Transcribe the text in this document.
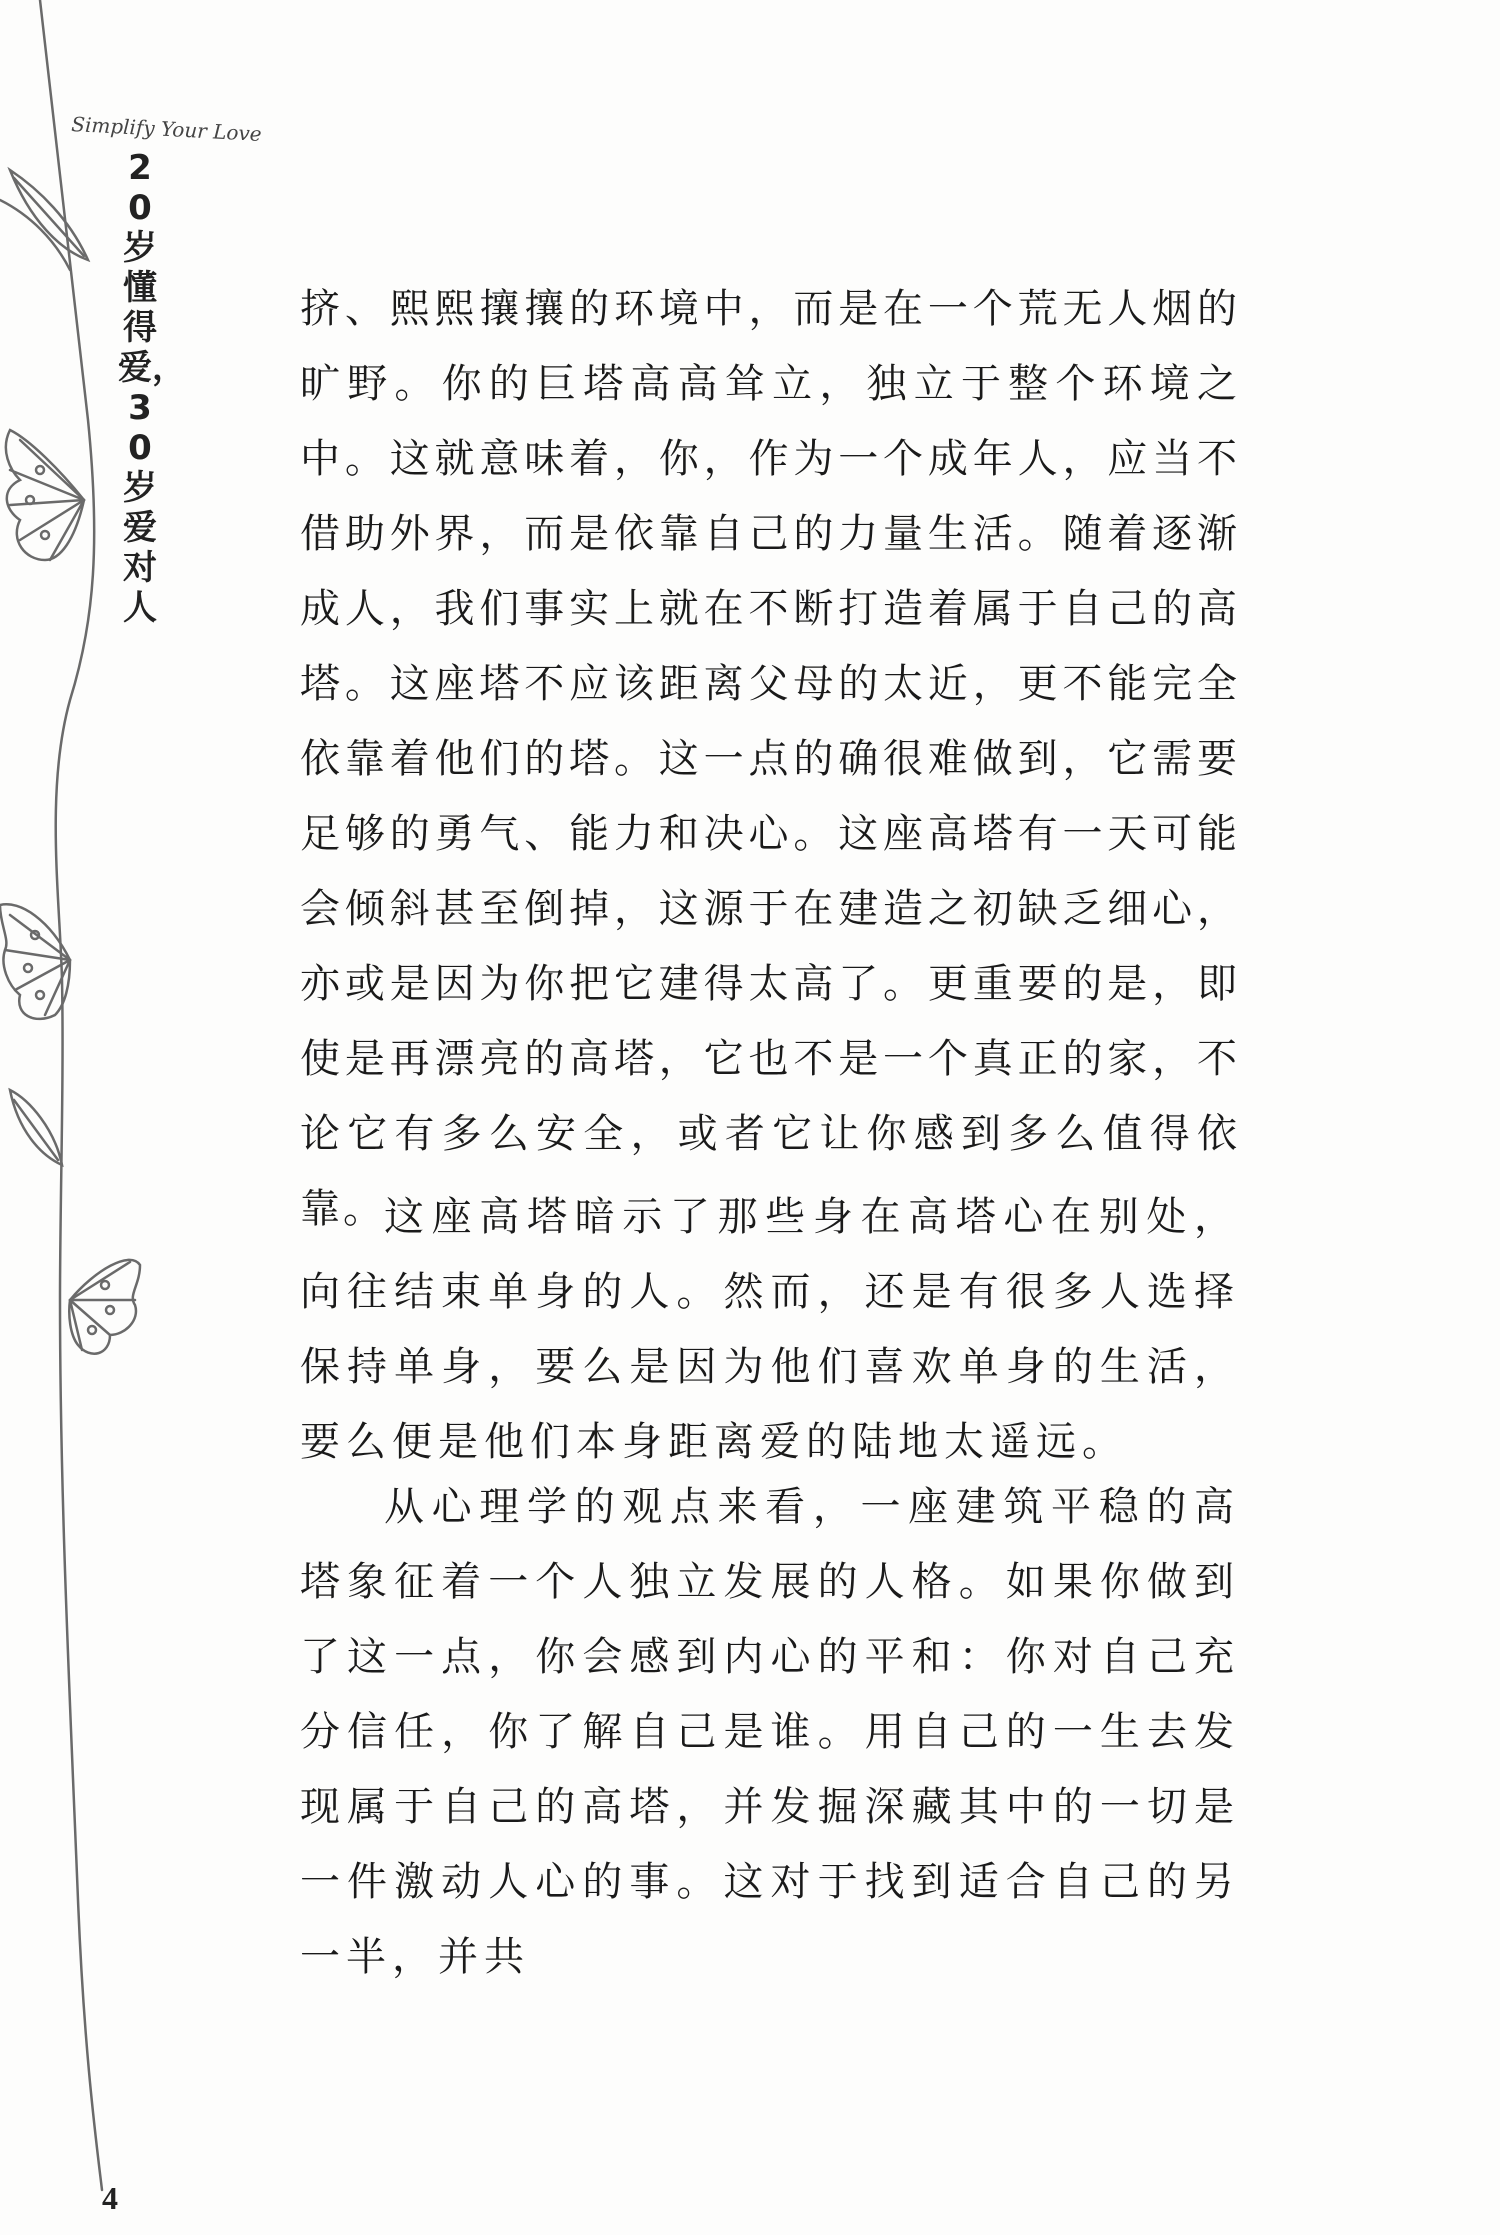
Simplify Your Love
20岁懂得爱，30岁爱对人

挤、熙熙攘攘的环境中，而是在一个荒无人烟的旷野。你的巨塔高高耸立，独立于整个环境之中。这就意味着，你，作为一个成年人，应当不借助外界，而是依靠自己的力量生活。随着逐渐成人，我们事实上就在不断打造着属于自己的高塔。这座塔不应该距离父母的太近，更不能完全依靠着他们的塔。这一点的确很难做到，它需要足够的勇气、能力和决心。这座高塔有一天可能会倾斜甚至倒掉，这源于在建造之初缺乏细心，亦或是因为你把它建得太高了。更重要的是，即使是再漂亮的高塔，它也不是一个真正的家，不论它有多么安全，或者它让你感到多么值得依靠。

这座高塔暗示了那些身在高塔心在别处，向往结束单身的人。然而，还是有很多人选择保持单身，要么是因为他们喜欢单身的生活，要么便是他们本身距离爱的陆地太遥远。

从心理学的观点来看，一座建筑平稳的高塔象征着一个人独立发展的人格。如果你做到了这一点，你会感到内心的平和：你对自己充分信任，你了解自己是谁。用自己的一生去发现属于自己的高塔，并发掘深藏其中的一切是一件激动人心的事。这对于找到适合自己的另一半，并共

4
